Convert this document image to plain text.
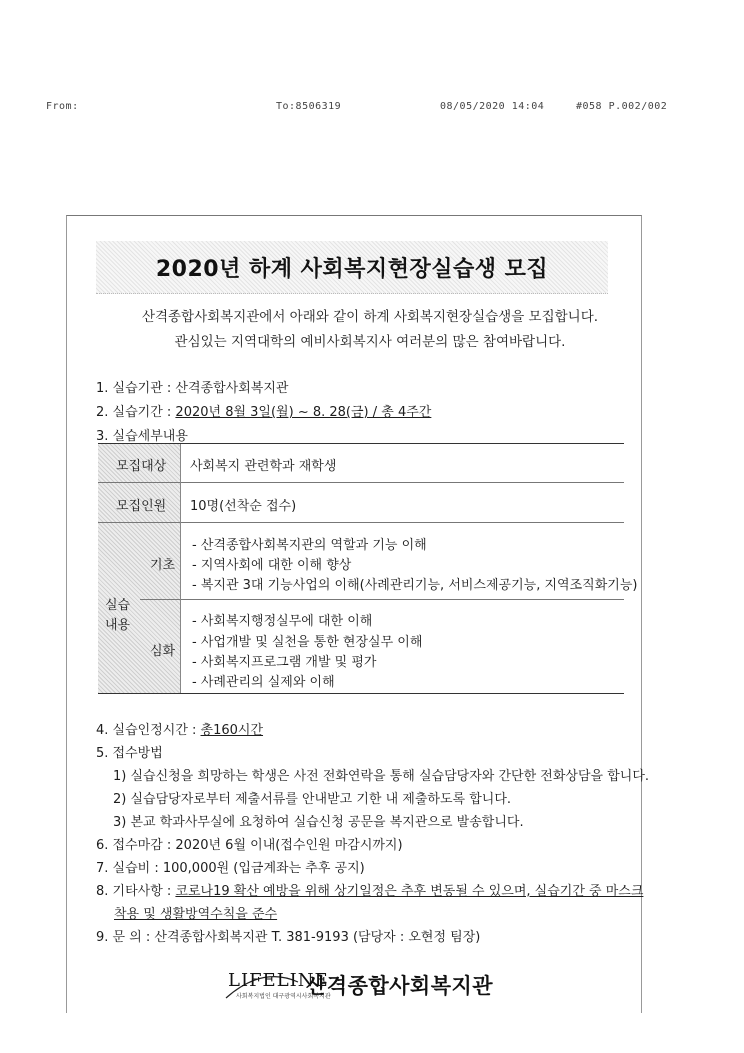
From:	To:8506319	08/05/2020 14:04	#058 P.002/002
2020년 하계 사회복지현장실습생 모집
산격종합사회복지관에서 아래와 같이 하계 사회복지현장실습생을 모집합니다.
관심있는 지역대학의 예비사회복지사 여러분의 많은 참여바랍니다.
1. 실습기관 : 산격종합사회복지관
2. 실습기간 : 2020년 8월 3일(월) ~ 8. 28(금) / 총 4주간
3. 실습세부내용
모집대상 사회복지 관련학과 재학생
모집인원 10명(선착순 접수)
실습
내용
기초
- 산격종합사회복지관의 역할과 기능 이해
- 지역사회에 대한 이해 향상
- 복지관 3대 기능사업의 이해(사례관리기능, 서비스제공기능, 지역조직화기능)
심화
- 사회복지행정실무에 대한 이해
- 사업개발 및 실천을 통한 현장실무 이해
- 사회복지프로그램 개발 및 평가
- 사례관리의 실제와 이해
4. 실습인정시간 : 총160시간
5. 접수방법
1) 실습신청을 희망하는 학생은 사전 전화연락을 통해 실습담당자와 간단한 전화상담을 합니다.
2) 실습담당자로부터 제출서류를 안내받고 기한 내 제출하도록 합니다.
3) 본교 학과사무실에 요청하여 실습신청 공문을 복지관으로 발송합니다.
6. 접수마감 : 2020년 6월 이내(접수인원 마감시까지)
7. 실습비 : 100,000원 (입금계좌는 추후 공지)
8. 기타사항 : 코로나19 확산 예방을 위해 상기일정은 추후 변동될 수 있으며, 실습기간 중 마스크
착용 및 생활방역수칙을 준수
9. 문 의 : 산격종합사회복지관 T. 381-9193 (담당자 : 오현정 팀장)
LIFELINE
사회복지법인 대구광역시사회복지관
산격종합사회복지관
